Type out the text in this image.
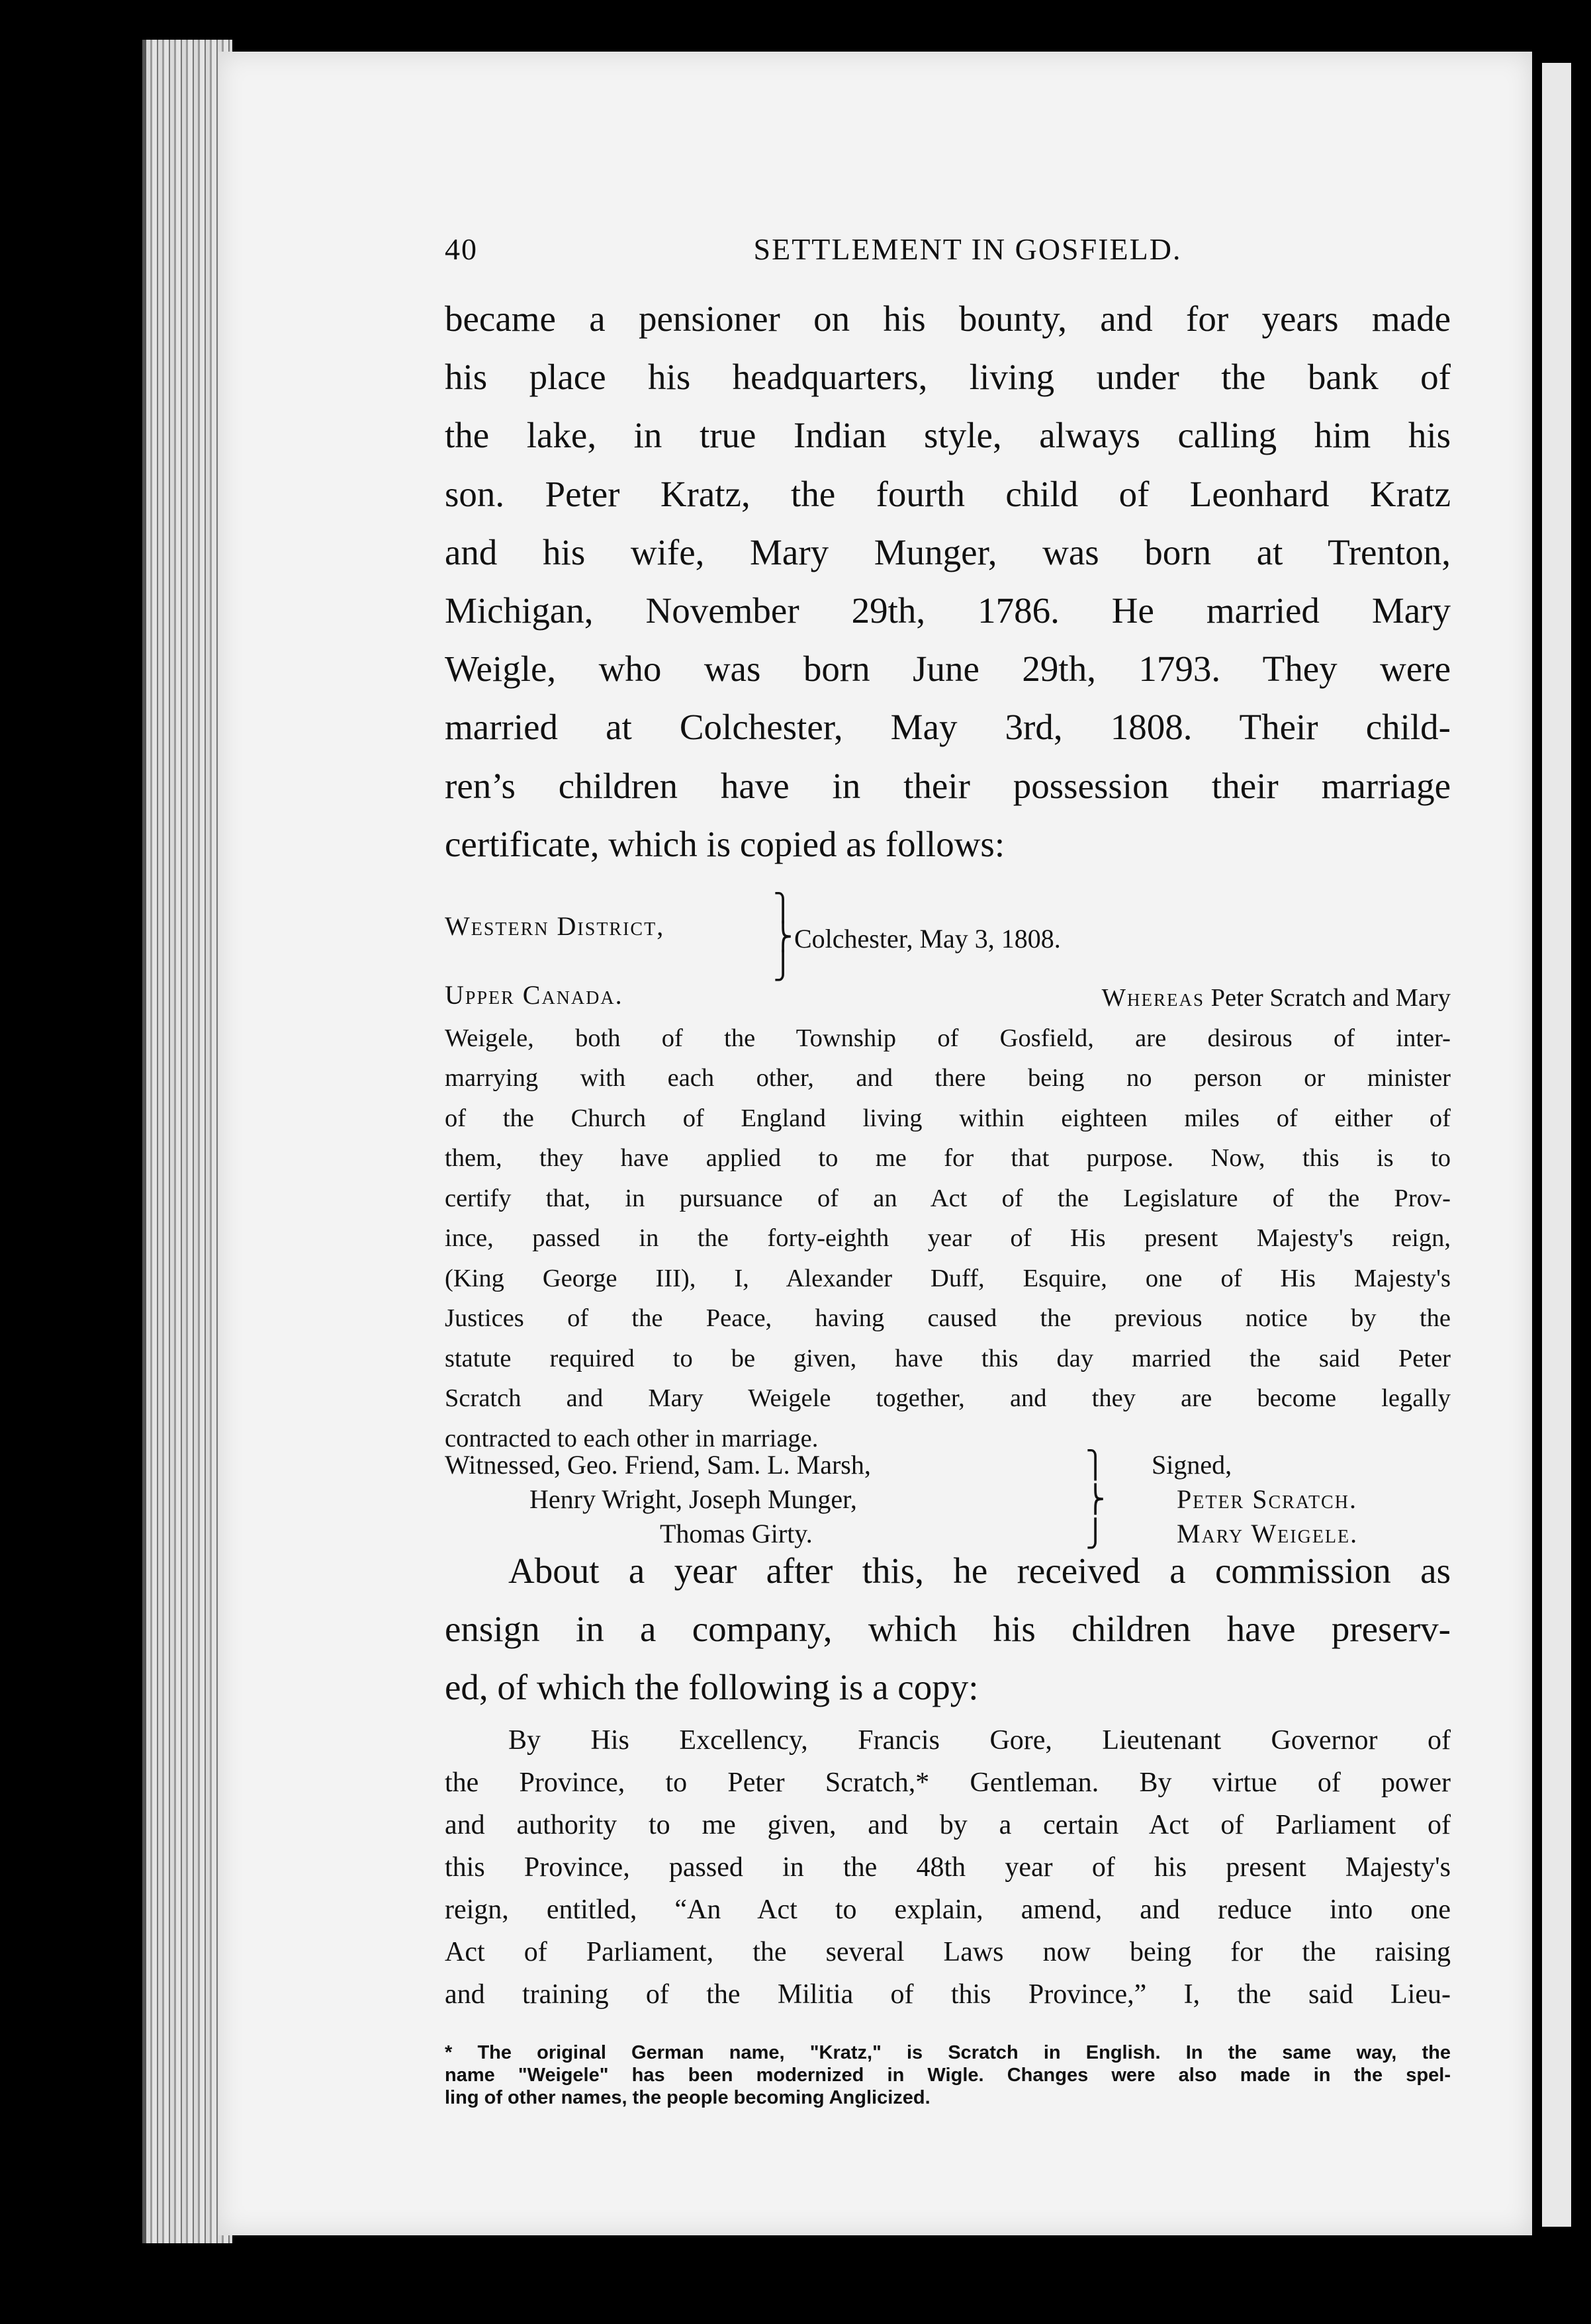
40	SETTLEMENT IN GOSFIELD.
became a pensioner on his bounty, and for years made
his place his headquarters, living under the bank of
the lake, in true Indian style, always calling him his
son. Peter Kratz, the fourth child of Leonhard Kratz
and his wife, Mary Munger, was born at Trenton,
Michigan, November 29th, 1786. He married Mary
Weigle, who was born June 29th, 1793. They were
married at Colchester, May 3rd, 1808. Their child-
ren’s children have in their possession their marriage
certificate, which is copied as follows:
Western District,
Upper Canada.
⎫
⎬
⎭
Colchester, May 3, 1808.
Whereas Peter Scratch and Mary
Weigele, both of the Township of Gosfield, are desirous of inter-
marrying with each other, and there being no person or minister
of the Church of England living within eighteen miles of either of
them, they have applied to me for that purpose. Now, this is to
certify that, in pursuance of an Act of the Legislature of the Prov-
ince, passed in the forty-eighth year of His present Majesty's reign,
(King George III), I, Alexander Duff, Esquire, one of His Majesty's
Justices of the Peace, having caused the previous notice by the
statute required to be given, have this day married the said Peter
Scratch and Mary Weigele together, and they are become legally
contracted to each other in marriage.
Witnessed, Geo. Friend, Sam. L. Marsh,
Henry Wright, Joseph Munger,
Thomas Girty.
⎫
⎬
⎭
Signed,
Peter Scratch.
Mary Weigele.
About a year after this, he received a commission as
ensign in a company, which his children have preserv-
ed, of which the following is a copy:
By His Excellency, Francis Gore, Lieutenant Governor of
the Province, to Peter Scratch,* Gentleman. By virtue of power
and authority to me given, and by a certain Act of Parliament of
this Province, passed in the 48th year of his present Majesty's
reign, entitled, “An Act to explain, amend, and reduce into one
Act of Parliament, the several Laws now being for the raising
and training of the Militia of this Province,” I, the said Lieu-
* The original German name, "Kratz," is Scratch in English. In the same way, the
name "Weigele" has been modernized in Wigle. Changes were also made in the spel-
ling of other names, the people becoming Anglicized.
